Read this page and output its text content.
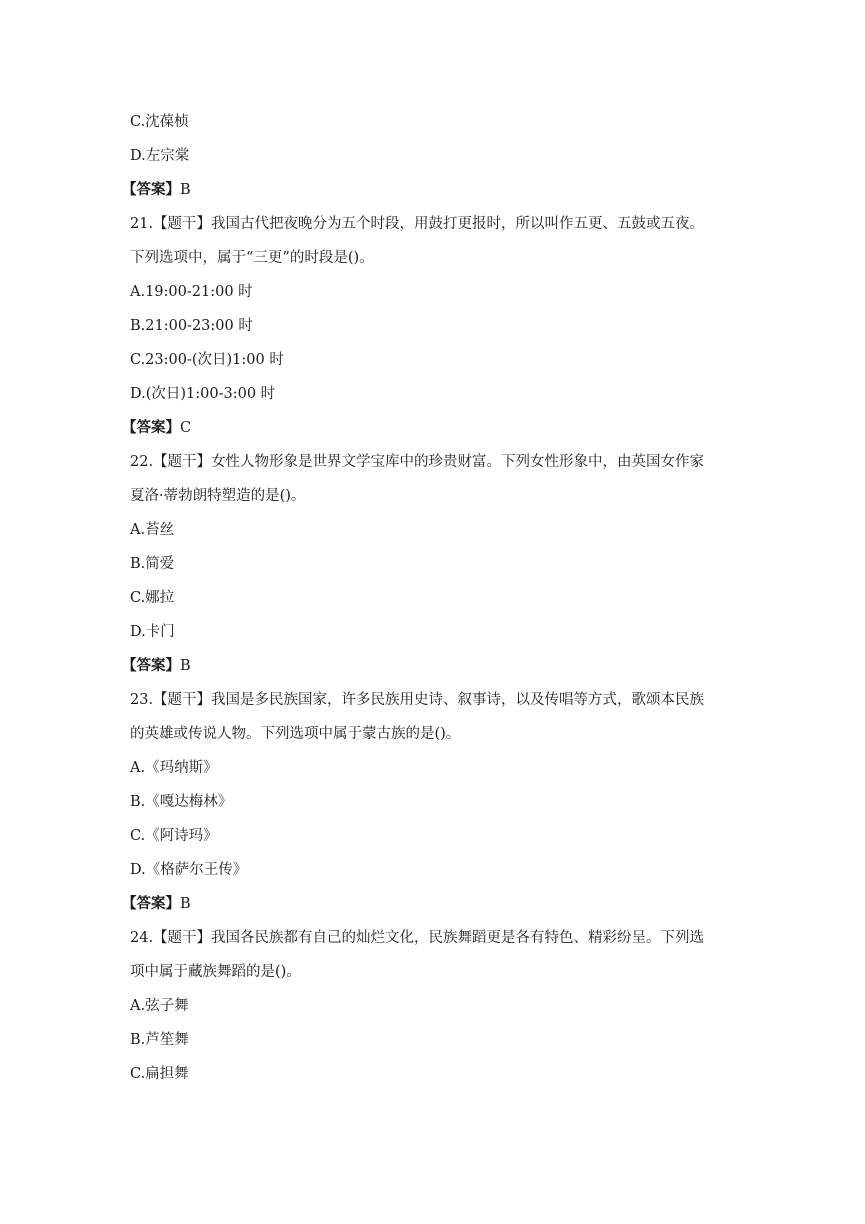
C.沈葆桢

D.左宗棠

【答案】B

21.【题干】我国古代把夜晚分为五个时段，用鼓打更报时，所以叫作五更、五鼓或五夜。

下列选项中，属于“三更”的时段是()。

A.19:00-21:00 时

B.21:00-23:00 时

C.23:00-(次日)1:00 时

D.(次日)1:00-3:00 时

【答案】C

22.【题干】女性人物形象是世界文学宝库中的珍贵财富。下列女性形象中，由英国女作家

夏洛·蒂勃朗特塑造的是()。

A.苔丝

B.简爱

C.娜拉

D.卡门

【答案】B

23.【题干】我国是多民族国家，许多民族用史诗、叙事诗，以及传唱等方式，歌颂本民族

的英雄或传说人物。下列选项中属于蒙古族的是()。

A.《玛纳斯》

B.《嘎达梅林》

C.《阿诗玛》

D.《格萨尔王传》

【答案】B

24.【题干】我国各民族都有自己的灿烂文化，民族舞蹈更是各有特色、精彩纷呈。下列选

项中属于藏族舞蹈的是()。

A.弦子舞

B.芦笙舞

C.扁担舞
